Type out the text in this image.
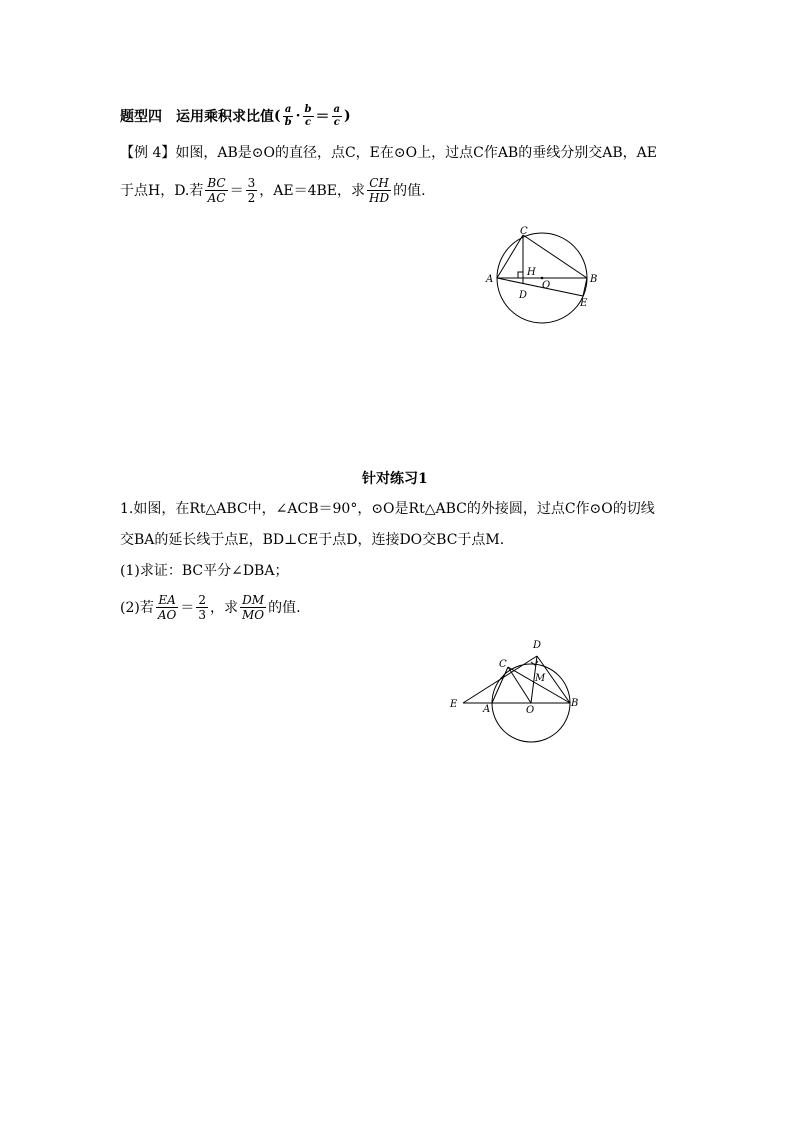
题型四　运用乘积求比值 ( $\frac{a}{b} \cdot \frac{b}{c} = \frac{a}{c}$ )
【例 4】 如图，AB是⊙O的直径，点C，E在⊙O上，过点C作AB的垂线分别交AB，AE
于点H，D.若 $\frac{BC}{AC} = \frac{3}{2}$ ，AE＝4BE，求 $\frac{CH}{HD}$ 的值.
C
H
A	B
D
O
E
针对练习1
1.如图，在Rt△ABC中，∠ACB＝90°，⊙O是Rt△ABC的外接圆，过点C作⊙O的切线
交BA的延长线于点E，BD⊥CE于点D，连接DO交BC于点M.
(1)求证：BC平分∠DBA；
(2)若 $\frac{EA}{AO} = \frac{2}{3}$ ，求 $\frac{DM}{MO}$ 的值.
D
C
M
E	A	O
B
